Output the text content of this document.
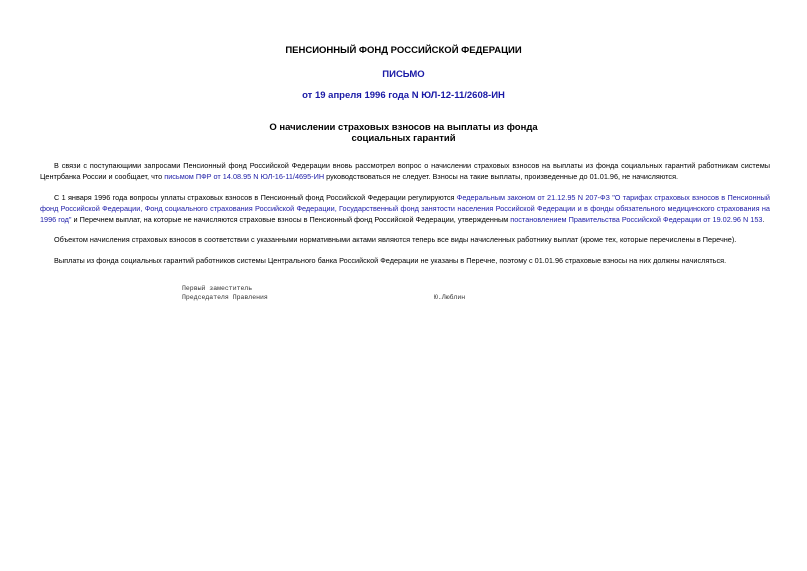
ПЕНСИОННЫЙ ФОНД РОССИЙСКОЙ ФЕДЕРАЦИИ
ПИСЬМО
от 19 апреля 1996 года N ЮЛ-12-11/2608-ИН
О начислении страховых взносов на выплаты из фонда
социальных гарантий

В связи с поступающими запросами Пенсионный фонд Российской Федерации вновь рассмотрел вопрос о начислении страховых взносов на выплаты из фонда социальных гарантий работникам системы Центрбанка России и сообщает, что письмом ПФР от 14.08.95 N ЮЛ-16-11/4695-ИН руководствоваться не следует. Взносы на такие выплаты, произведенные до 01.01.96, не начисляются.

С 1 января 1996 года вопросы уплаты страховых взносов в Пенсионный фонд Российской Федерации регулируются Федеральным законом от 21.12.95 N 207-ФЗ "О тарифах страховых взносов в Пенсионный фонд Российской Федерации, Фонд социального страхования Российской Федерации, Государственный фонд занятости населения Российской Федерации и в фонды обязательного медицинского страхования на 1996 год" и Перечнем выплат, на которые не начисляются страховые взносы в Пенсионный фонд Российской Федерации, утвержденным постановлением Правительства Российской Федерации от 19.02.96 N 153.

Объектом начисления страховых взносов в соответствии с указанными нормативными актами являются теперь все виды начисленных работнику выплат (кроме тех, которые перечислены в Перечне).

Выплаты из фонда социальных гарантий работников системы Центрального банка Российской Федерации не указаны в Перечне, поэтому с 01.01.96 страховые взносы на них должны начисляться.

Первый заместитель
Председателя Правления	Ю.Люблин
